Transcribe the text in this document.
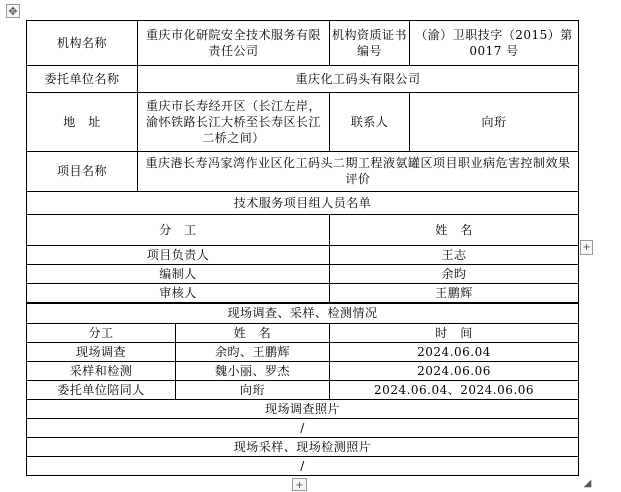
✥
+
+	◢
机构名称	重庆市化研院安全技术服务有限责任公司		机构资质证书编号	（渝）卫职技字（2015）第 0017 号
委托单位名称	重庆化工码头有限公司			
地　址	重庆市长寿经开区（长江左岸，渝怀铁路长江大桥至长寿区长江二桥之间）		联系人	向珩
项目名称	重庆港长寿冯家湾作业区化工码头二期工程液氨罐区项目职业病危害控制效果评价			
技术服务项目组人员名单				
分　工			姓　名	
项目负责人			王志	
编制人			余昀	
审核人			王鹏辉	
现场调查、采样、检测情况				
分工		姓　名	时　间	
现场调查		余昀、王鹏辉	2024.06.04	
采样和检测		魏小丽、罗杰	2024.06.06	
委托单位陪同人		向珩	2024.06.04、2024.06.06	
现场调查照片				
/				
现场采样、现场检测照片				
/				
